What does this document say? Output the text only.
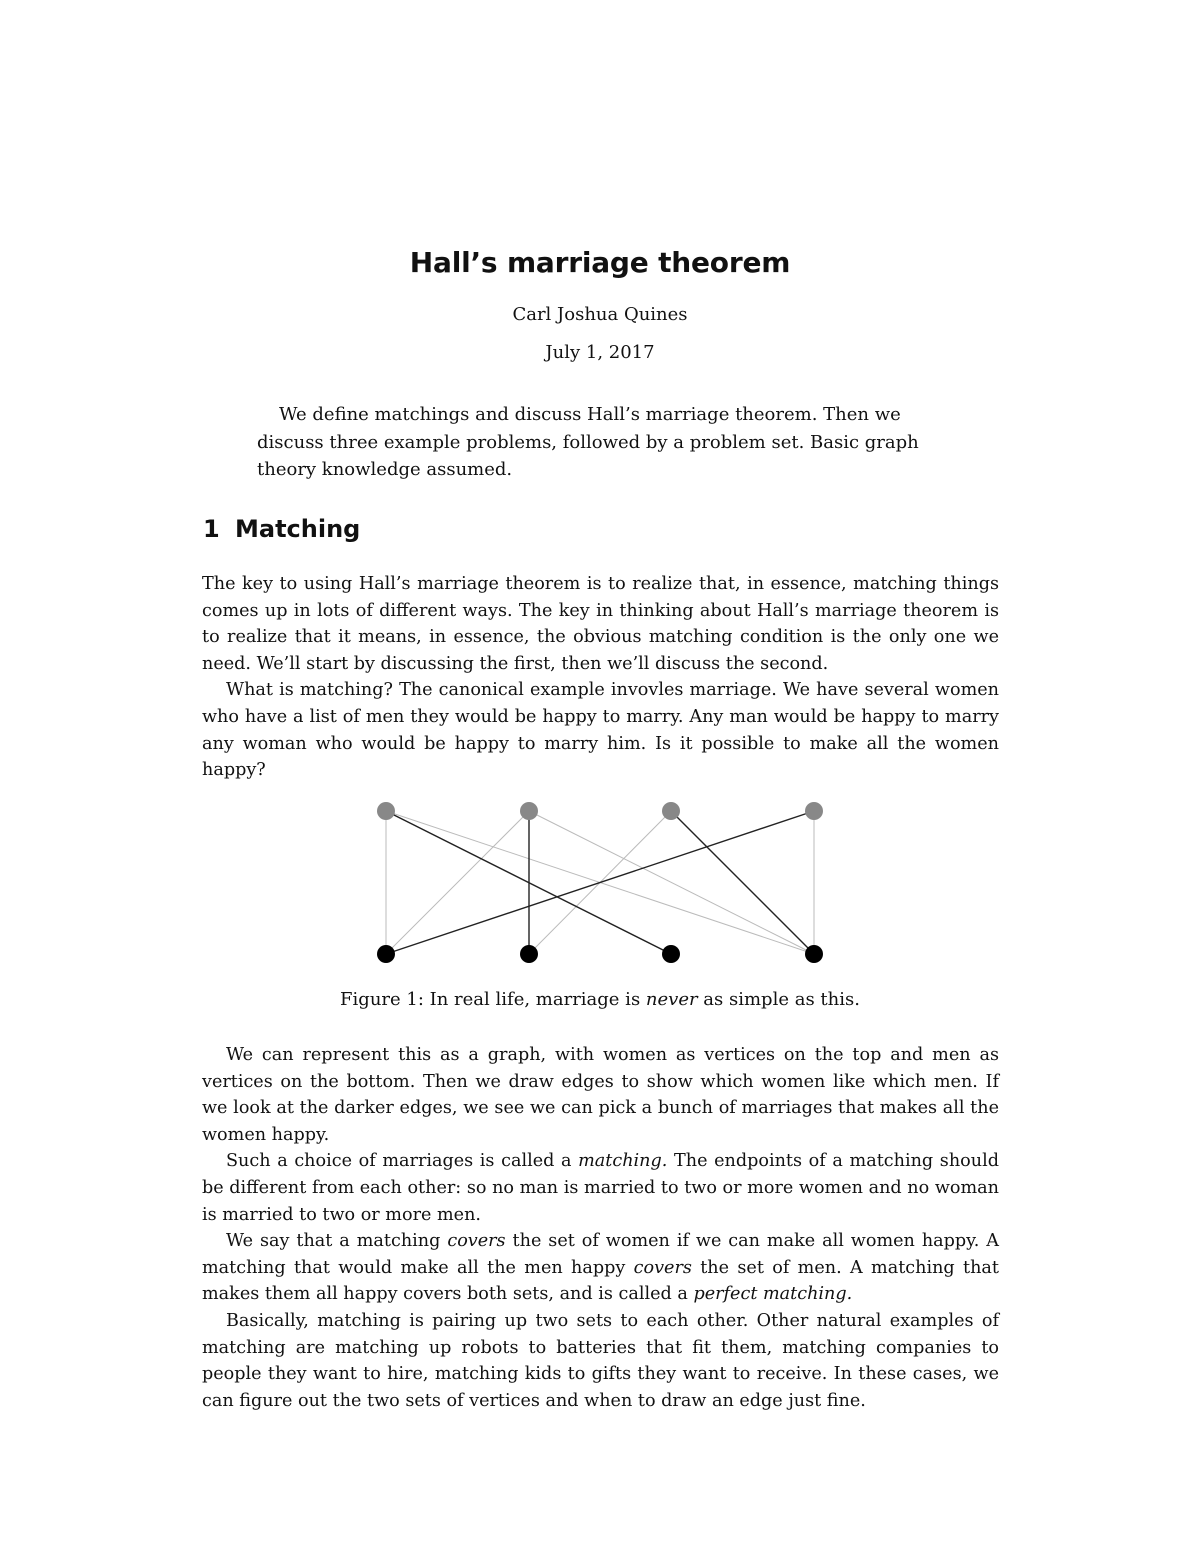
Hall’s marriage theorem
Carl Joshua Quines
July 1, 2017
We define matchings and discuss Hall’s marriage theorem. Then we discuss three example problems, followed by a problem set. Basic graph theory knowledge assumed.
1 Matching

The key to using Hall’s marriage theorem is to realize that, in essence, matching things comes up in lots of different ways. The key in thinking about Hall’s marriage theorem is to realize that it means, in essence, the obvious matching condition is the only one we need. We’ll start by discussing the first, then we’ll discuss the second.

What is matching? The canonical example invovles marriage. We have several women who have a list of men they would be happy to marry. Any man would be happy to marry any woman who would be happy to marry him. Is it possible to make all the women happy?

Figure 1: In real life, marriage is never as simple as this.

We can represent this as a graph, with women as vertices on the top and men as vertices on the bottom. Then we draw edges to show which women like which men. If we look at the darker edges, we see we can pick a bunch of marriages that makes all the women happy.

Such a choice of marriages is called a matching. The endpoints of a matching should be different from each other: so no man is married to two or more women and no woman is married to two or more men.

We say that a matching covers the set of women if we can make all women happy. A matching that would make all the men happy covers the set of men. A matching that makes them all happy covers both sets, and is called a perfect matching.

Basically, matching is pairing up two sets to each other. Other natural examples of matching are matching up robots to batteries that fit them, matching companies to people they want to hire, matching kids to gifts they want to receive. In these cases, we can figure out the two sets of vertices and when to draw an edge just fine.
